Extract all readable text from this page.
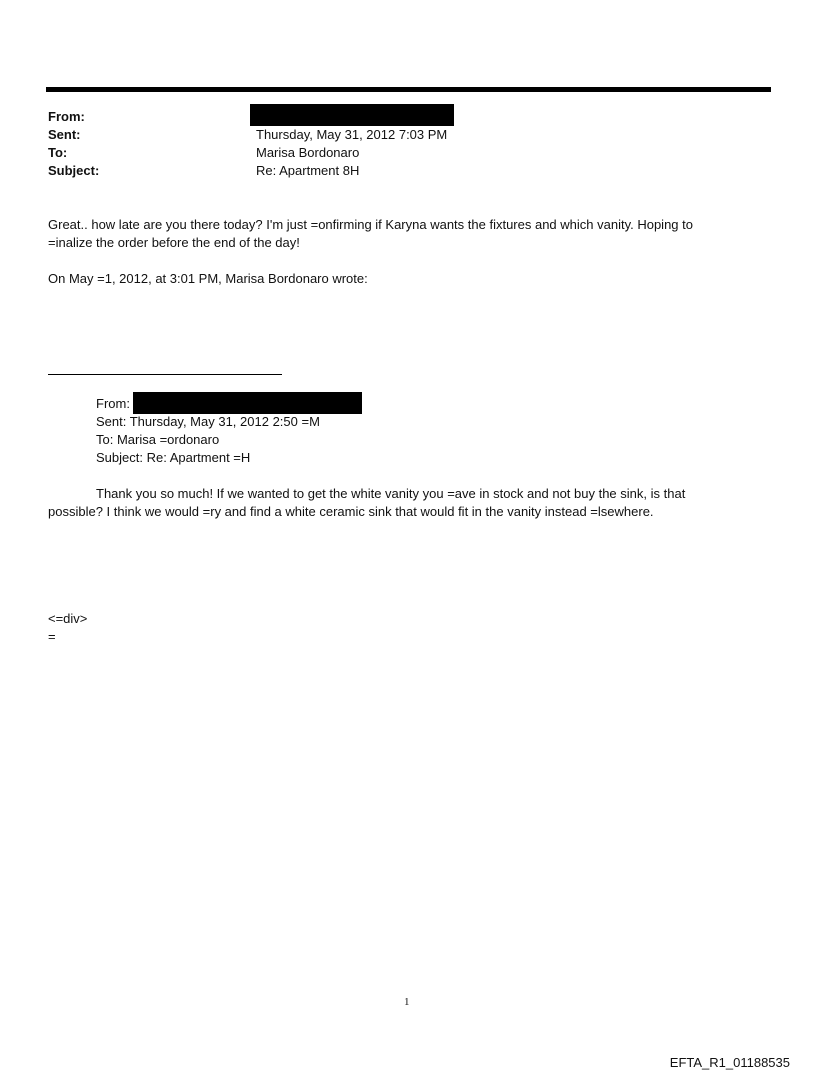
From:
Sent:	Thursday, May 31, 2012 7:03 PM
To:	Marisa Bordonaro
Subject:	Re: Apartment 8H
Great.. how late are you there today? I'm just =onfirming if Karyna wants the fixtures and which vanity. Hoping to
=inalize the order before the end of the day!
On May =1, 2012, at 3:01 PM, Marisa Bordonaro wrote:
From:
Sent: Thursday, May 31, 2012 2:50 =M
To: Marisa =ordonaro
Subject: Re: Apartment =H
Thank you so much! If we wanted to get the white vanity you =ave in stock and not buy the sink, is that
possible? I think we would =ry and find a white ceramic sink that would fit in the vanity instead =lsewhere.
<=div>
=
1
EFTA_R1_01188535
